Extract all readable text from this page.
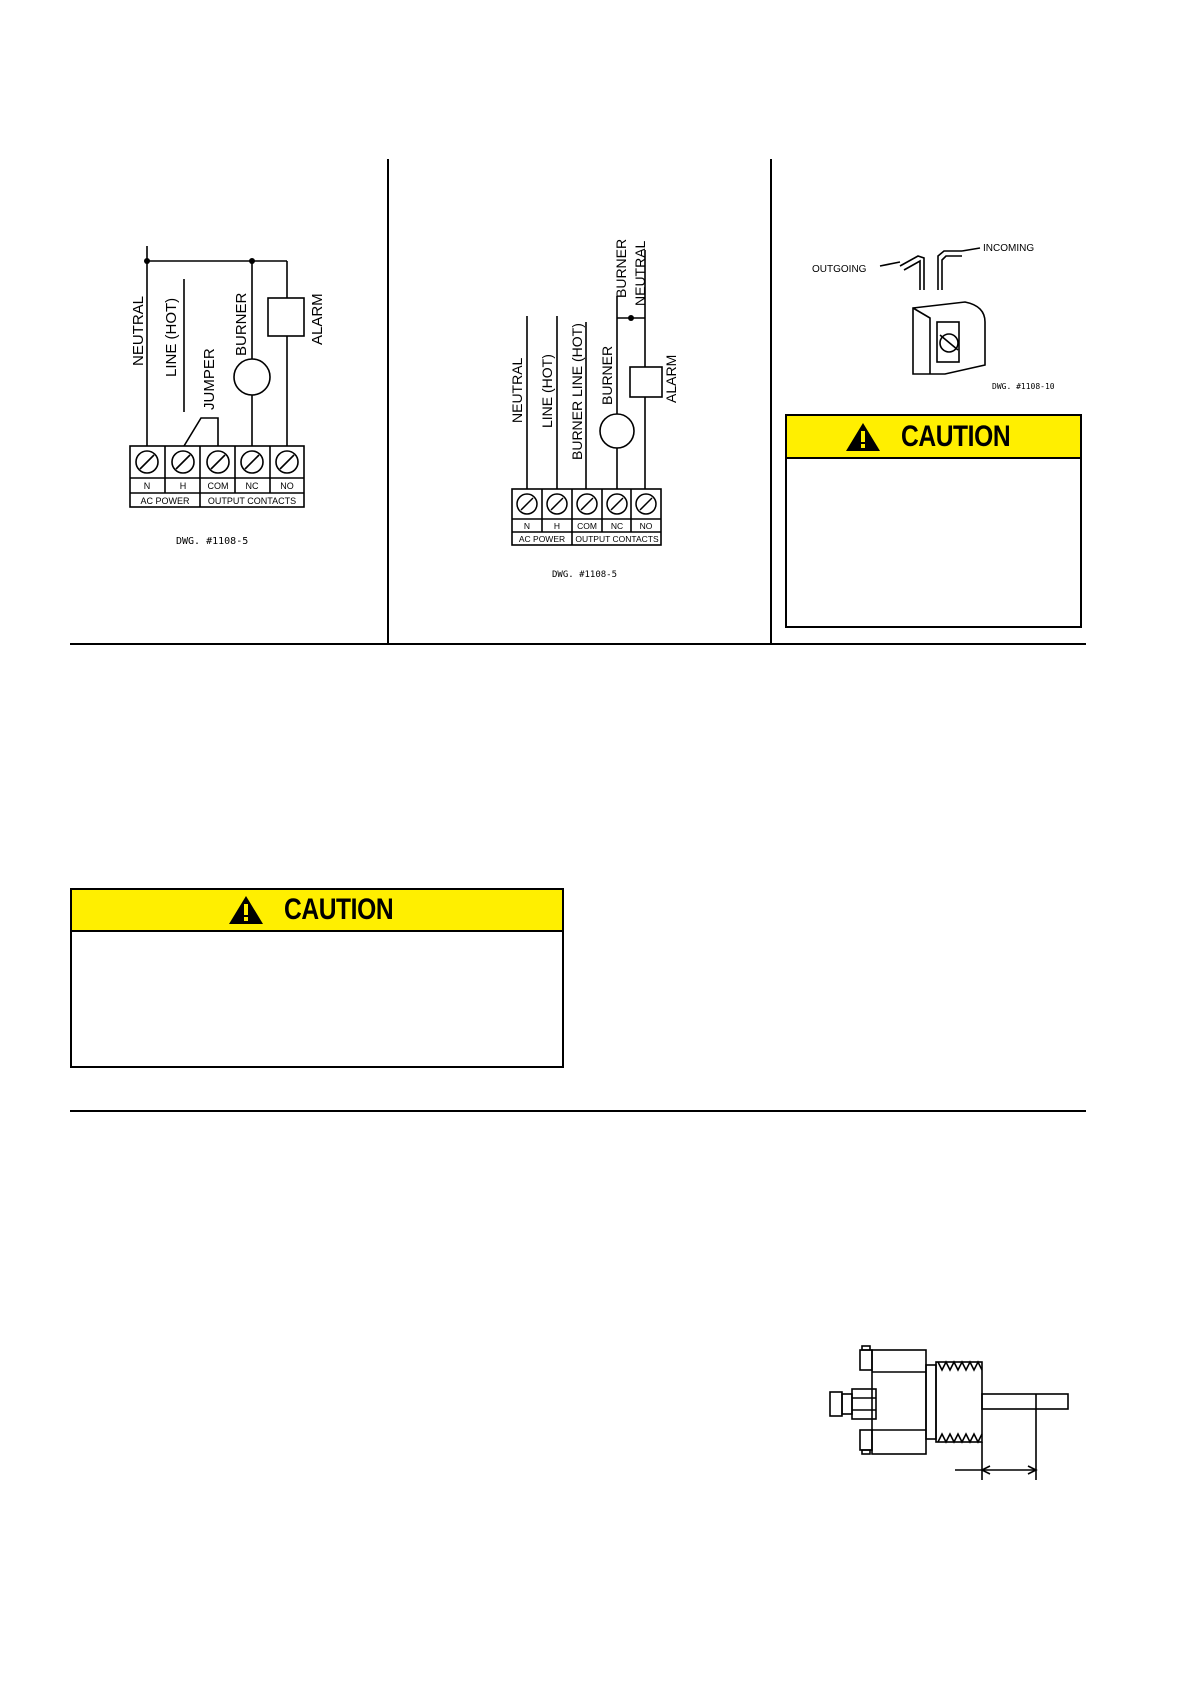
NEUTRAL LINE (HOT)
JUMPER
BURNER	ALARM
N	H COM NC NO
AC POWER OUTPUT CONTACTS
DWG. #1108-5
NEUTRAL LINE (HOT) BURNER LINE (HOT) BURNER	ALARM
BURNER NEUTRAL
N	H COM NC NO
AC POWER OUTPUT CONTACTS
DWG. #1108-5
OUTGOING
INCOMING
DWG. #1108-10
CAUTION
CAUTION
